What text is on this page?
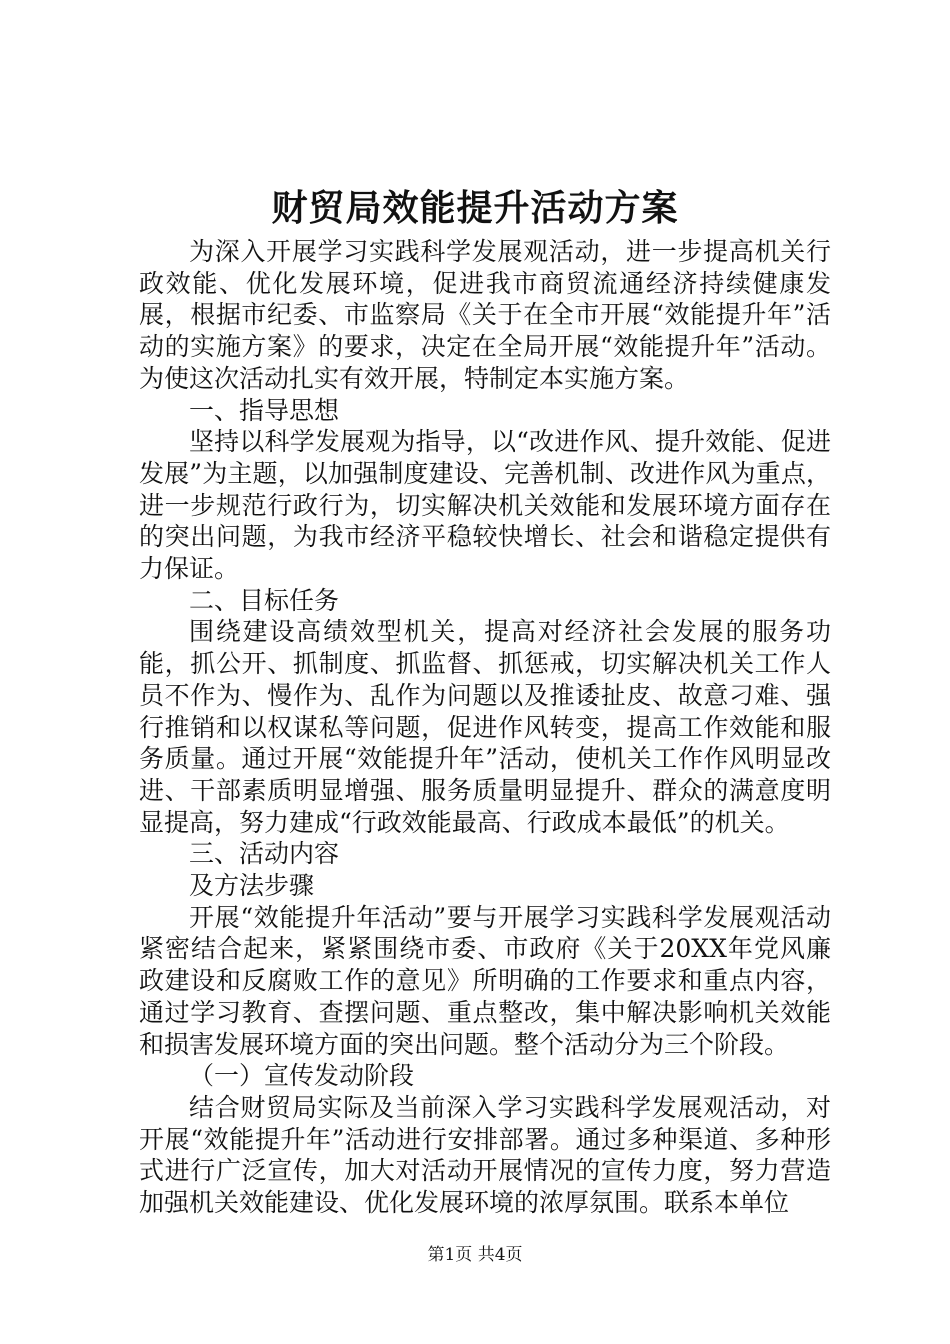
财贸局效能提升活动方案

为深入开展学习实践科学发展观活动，进一步提高机关行政效能、优化发展环境，促进我市商贸流通经济持续健康发展，根据市纪委、市监察局《关于在全市开展“效能提升年”活动的实施方案》的要求，决定在全局开展“效能提升年”活动。为使这次活动扎实有效开展，特制定本实施方案。

一、指导思想

坚持以科学发展观为指导，以“改进作风、提升效能、促进发展”为主题，以加强制度建设、完善机制、改进作风为重点，进一步规范行政行为，切实解决机关效能和发展环境方面存在的突出问题，为我市经济平稳较快增长、社会和谐稳定提供有力保证。

二、目标任务

围绕建设高绩效型机关，提高对经济社会发展的服务功能，抓公开、抓制度、抓监督、抓惩戒，切实解决机关工作人员不作为、慢作为、乱作为问题以及推诿扯皮、故意刁难、强行推销和以权谋私等问题，促进作风转变，提高工作效能和服务质量。通过开展“效能提升年”活动，使机关工作作风明显改进、干部素质明显增强、服务质量明显提升、群众的满意度明显提高，努力建成“行政效能最高、行政成本最低”的机关。

三、活动内容

及方法步骤

开展“效能提升年活动”要与开展学习实践科学发展观活动紧密结合起来，紧紧围绕市委、市政府《关于20XX年党风廉政建设和反腐败工作的意见》所明确的工作要求和重点内容，通过学习教育、查摆问题、重点整改，集中解决影响机关效能和损害发展环境方面的突出问题。整个活动分为三个阶段。

（一）宣传发动阶段

结合财贸局实际及当前深入学习实践科学发展观活动，对开展“效能提升年”活动进行安排部署。通过多种渠道、多种形式进行广泛宣传，加大对活动开展情况的宣传力度，努力营造加强机关效能建设、优化发展环境的浓厚氛围。联系本单位

第1页 共4页
